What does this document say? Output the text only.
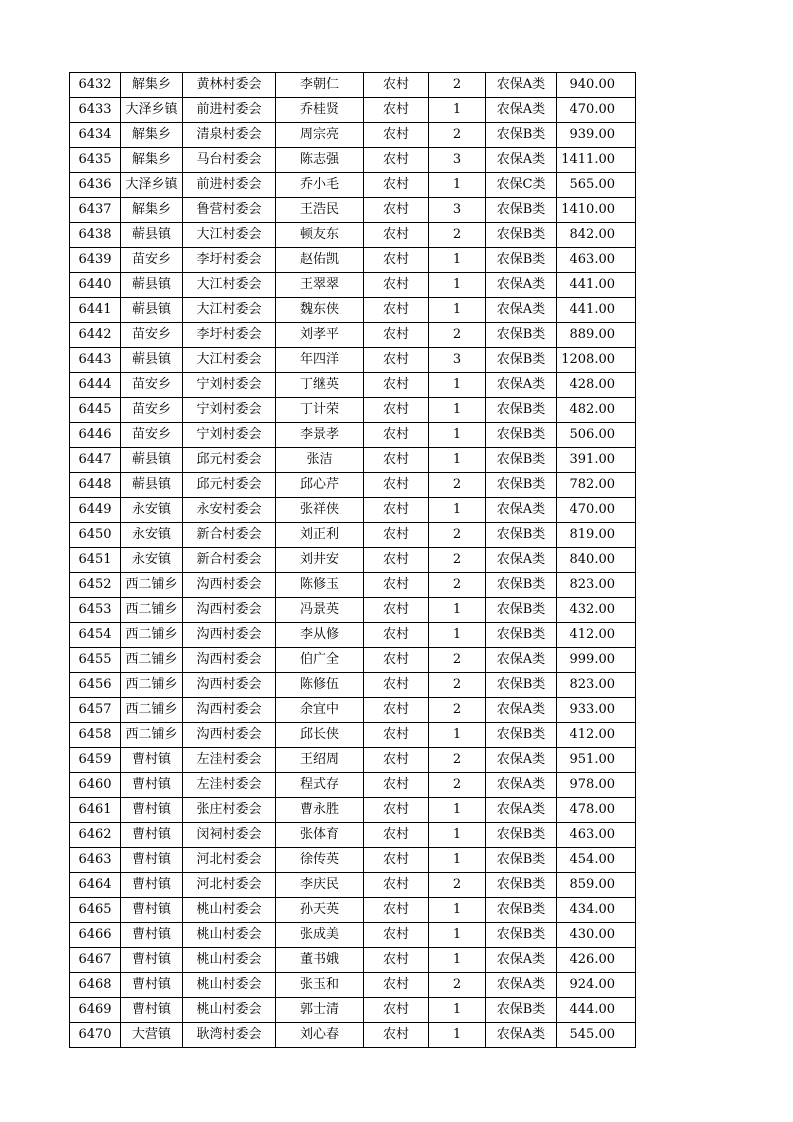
6432	解集乡	黄林村委会	李朝仁	农村	2	农保A类	940.00
6433	大泽乡镇	前进村委会	乔桂贤	农村	1	农保A类	470.00
6434	解集乡	清泉村委会	周宗亮	农村	2	农保B类	939.00
6435	解集乡	马台村委会	陈志强	农村	3	农保A类	1411.00
6436	大泽乡镇	前进村委会	乔小毛	农村	1	农保C类	565.00
6437	解集乡	鲁营村委会	王浩民	农村	3	农保B类	1410.00
6438	蕲县镇	大江村委会	顿友东	农村	2	农保B类	842.00
6439	苗安乡	李圩村委会	赵佑凯	农村	1	农保B类	463.00
6440	蕲县镇	大江村委会	王翠翠	农村	1	农保A类	441.00
6441	蕲县镇	大江村委会	魏东侠	农村	1	农保A类	441.00
6442	苗安乡	李圩村委会	刘孝平	农村	2	农保B类	889.00
6443	蕲县镇	大江村委会	年四洋	农村	3	农保B类	1208.00
6444	苗安乡	宁刘村委会	丁继英	农村	1	农保A类	428.00
6445	苗安乡	宁刘村委会	丁计荣	农村	1	农保B类	482.00
6446	苗安乡	宁刘村委会	李景孝	农村	1	农保B类	506.00
6447	蕲县镇	邱元村委会	张洁	农村	1	农保B类	391.00
6448	蕲县镇	邱元村委会	邱心芹	农村	2	农保B类	782.00
6449	永安镇	永安村委会	张祥侠	农村	1	农保A类	470.00
6450	永安镇	新合村委会	刘正利	农村	2	农保B类	819.00
6451	永安镇	新合村委会	刘井安	农村	2	农保A类	840.00
6452	西二铺乡	沟西村委会	陈修玉	农村	2	农保B类	823.00
6453	西二铺乡	沟西村委会	冯景英	农村	1	农保B类	432.00
6454	西二铺乡	沟西村委会	李从修	农村	1	农保B类	412.00
6455	西二铺乡	沟西村委会	伯广全	农村	2	农保A类	999.00
6456	西二铺乡	沟西村委会	陈修伍	农村	2	农保B类	823.00
6457	西二铺乡	沟西村委会	余宜中	农村	2	农保A类	933.00
6458	西二铺乡	沟西村委会	邱长侠	农村	1	农保B类	412.00
6459	曹村镇	左洼村委会	王绍周	农村	2	农保A类	951.00
6460	曹村镇	左洼村委会	程式存	农村	2	农保A类	978.00
6461	曹村镇	张庄村委会	曹永胜	农村	1	农保A类	478.00
6462	曹村镇	闵祠村委会	张体育	农村	1	农保B类	463.00
6463	曹村镇	河北村委会	徐传英	农村	1	农保B类	454.00
6464	曹村镇	河北村委会	李庆民	农村	2	农保B类	859.00
6465	曹村镇	桃山村委会	孙天英	农村	1	农保B类	434.00
6466	曹村镇	桃山村委会	张成美	农村	1	农保B类	430.00
6467	曹村镇	桃山村委会	董书娥	农村	1	农保A类	426.00
6468	曹村镇	桃山村委会	张玉和	农村	2	农保A类	924.00
6469	曹村镇	桃山村委会	郭士清	农村	1	农保B类	444.00
6470	大营镇	耿湾村委会	刘心春	农村	1	农保A类	545.00
